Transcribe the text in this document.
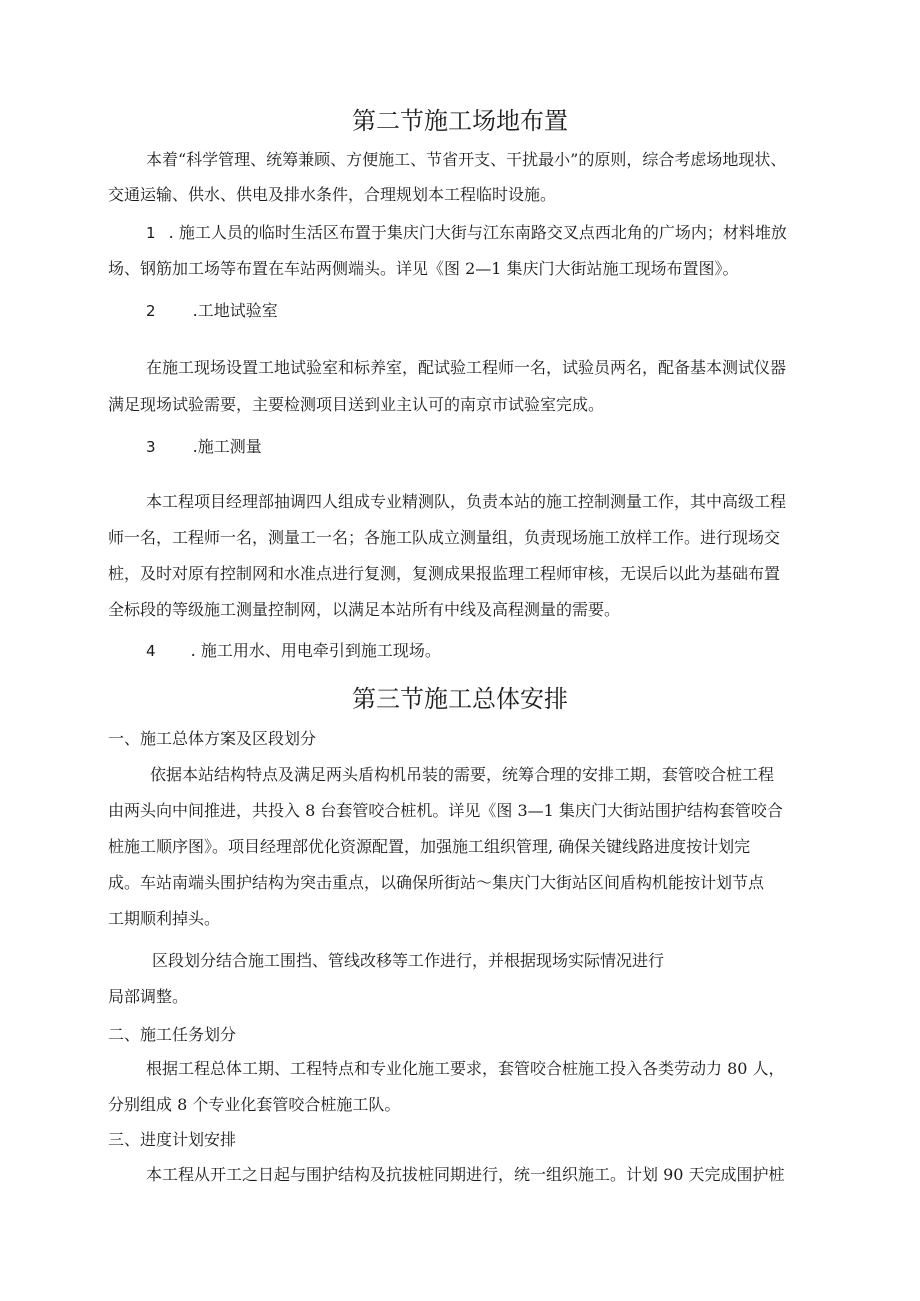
第二节施工场地布置
本着“科学管理、统筹兼顾、方便施工、节省开支、干扰最小”的原则，综合考虑场地现状、
交通运输、供水、供电及排水条件，合理规划本工程临时设施。
1 . 施工人员的临时生活区布置于集庆门大街与江东南路交叉点西北角的广场内；材料堆放
场、钢筋加工场等布置在车站两侧端头。详见《图 2—1 集庆门大街站施工现场布置图》。
2 .工地试验室
在施工现场设置工地试验室和标养室，配试验工程师一名，试验员两名，配备基本测试仪器
满足现场试验需要，主要检测项目送到业主认可的南京市试验室完成。
3 .施工测量
本工程项目经理部抽调四人组成专业精测队，负责本站的施工控制测量工作，其中高级工程
师一名，工程师一名，测量工一名；各施工队成立测量组，负责现场施工放样工作。进行现场交
桩，及时对原有控制网和水准点进行复测，复测成果报监理工程师审核，无误后以此为基础布置
全标段的等级施工测量控制网，以满足本站所有中线及高程测量的需要。
4 . 施工用水、用电牵引到施工现场。
第三节施工总体安排
一、施工总体方案及区段划分
依据本站结构特点及满足两头盾构机吊装的需要，统筹合理的安排工期，套管咬合桩工程
由两头向中间推进，共投入 8 台套管咬合桩机。详见《图 3—1 集庆门大街站围护结构套管咬合
桩施工顺序图》。项目经理部优化资源配置，加强施工组织管理, 确保关键线路进度按计划完
成。车站南端头围护结构为突击重点，以确保所街站～集庆门大街站区间盾构机能按计划节点
工期顺利掉头。
区段划分结合施工围挡、管线改移等工作进行，并根据现场实际情况进行
局部调整。
二、施工任务划分
根据工程总体工期、工程特点和专业化施工要求，套管咬合桩施工投入各类劳动力 80 人，
分别组成 8 个专业化套管咬合桩施工队。
三、进度计划安排
本工程从开工之日起与围护结构及抗拔桩同期进行，统一组织施工。计划 90 天完成围护桩
